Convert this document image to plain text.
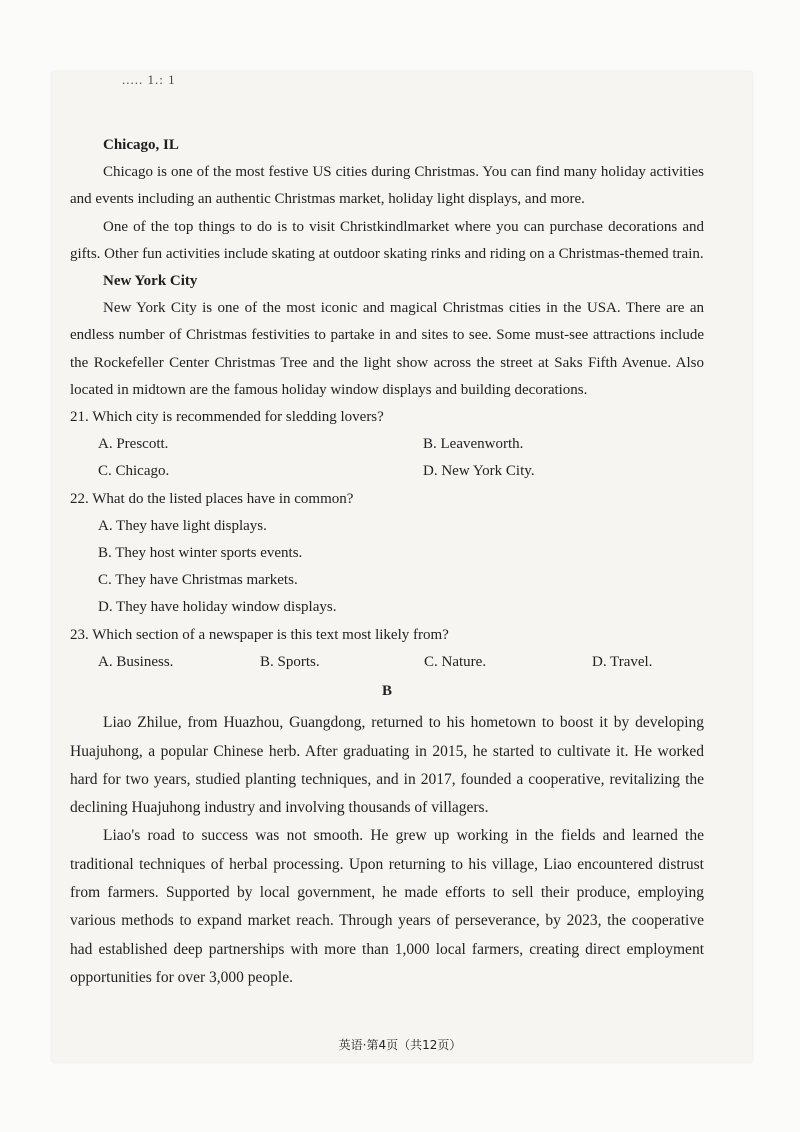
..... 1.: 1

Chicago, IL

Chicago is one of the most festive US cities during Christmas. You can find many holiday activities and events including an authentic Christmas market, holiday light displays, and more.

One of the top things to do is to visit Christkindlmarket where you can purchase decorations and gifts. Other fun activities include skating at outdoor skating rinks and riding on a Christmas-themed train.

New York City

New York City is one of the most iconic and magical Christmas cities in the USA. There are an endless number of Christmas festivities to partake in and sites to see. Some must-see attractions include the Rockefeller Center Christmas Tree and the light show across the street at Saks Fifth Avenue. Also located in midtown are the famous holiday window displays and building decorations.

21. Which city is recommended for sledding lovers?

A. Prescott.	B. Leavenworth.
C. Chicago.	D. New York City.

22. What do the listed places have in common?

A. They have light displays.

B. They host winter sports events.

C. They have Christmas markets.

D. They have holiday window displays.

23. Which section of a newspaper is this text most likely from?

A. Business.	B. Sports.	C. Nature.	D. Travel.

B

Liao Zhilue, from Huazhou, Guangdong, returned to his hometown to boost it by developing Huajuhong, a popular Chinese herb. After graduating in 2015, he started to cultivate it. He worked hard for two years, studied planting techniques, and in 2017, founded a cooperative, revitalizing the declining Huajuhong industry and involving thousands of villagers.

Liao's road to success was not smooth. He grew up working in the fields and learned the traditional techniques of herbal processing. Upon returning to his village, Liao encountered distrust from farmers. Supported by local government, he made efforts to sell their produce, employing various methods to expand market reach. Through years of perseverance, by 2023, the cooperative had established deep partnerships with more than 1,000 local farmers, creating direct employment opportunities for over 3,000 people.

英语·第4页（共12页）
